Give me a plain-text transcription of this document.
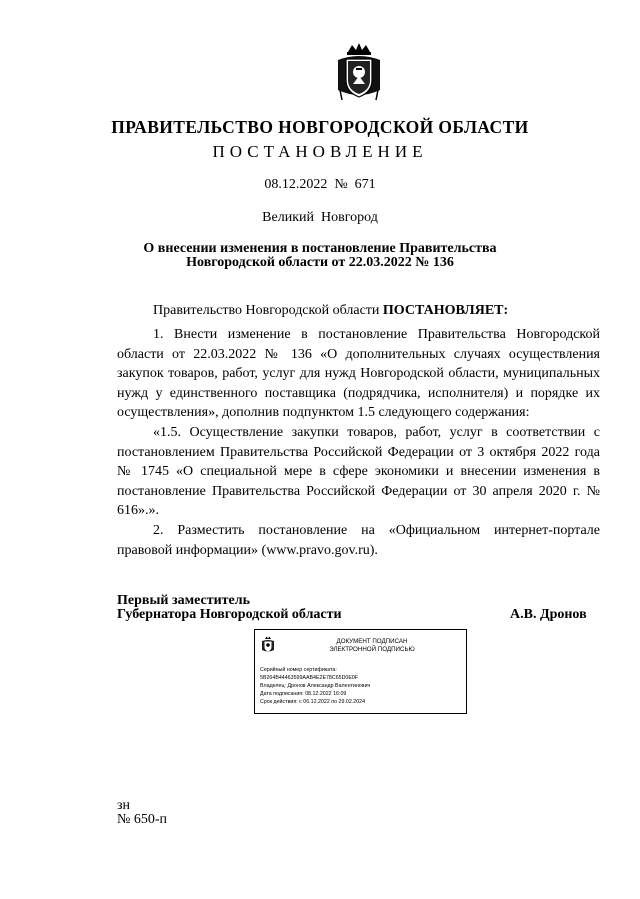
ПРАВИТЕЛЬСТВО НОВГОРОДСКОЙ ОБЛАСТИ
ПОСТАНОВЛЕНИЕ
08.12.2022  №  671
Великий  Новгород
О внесении изменения в постановление Правительства
Новгородской области от 22.03.2022 № 136
Правительство Новгородской области ПОСТАНОВЛЯЕТ:

1. Внести изменение в постановление Правительства Новгородской области от 22.03.2022 № 136 «О дополнительных случаях осуществления закупок товаров, работ, услуг для нужд Новгородской области, муниципальных нужд у единственного поставщика (подрядчика, исполнителя) и порядке их осуществления», дополнив подпунктом 1.5 следующего содержания:

«1.5. Осуществление закупки товаров, работ, услуг в соответствии с постановлением Правительства Российской Федерации от 3 октября 2022 года № 1745 «О специальной мере в сфере экономики и внесении изменения в постановление Правительства Российской Федерации от 30 апреля 2020 г. № 616».».

2. Разместить постановление на «Официальном интернет-портале правовой информации» (www.pravo.gov.ru).

Первый заместитель
Губернатора Новгородской области	А.В. Дронов
ДОКУМЕНТ ПОДПИСАН
ЭЛЕКТРОННОЙ ПОДПИСЬЮ
Серийный номер сертификата:
5B264B44463599AAB4E2E78C65D0E0F
Владелец: Дронов Александр Валентинович
Дата подписания: 08.12.2022 16:09
Срок действия: с 06.12.2022 по 29.02.2024
зн
№ 650-п
